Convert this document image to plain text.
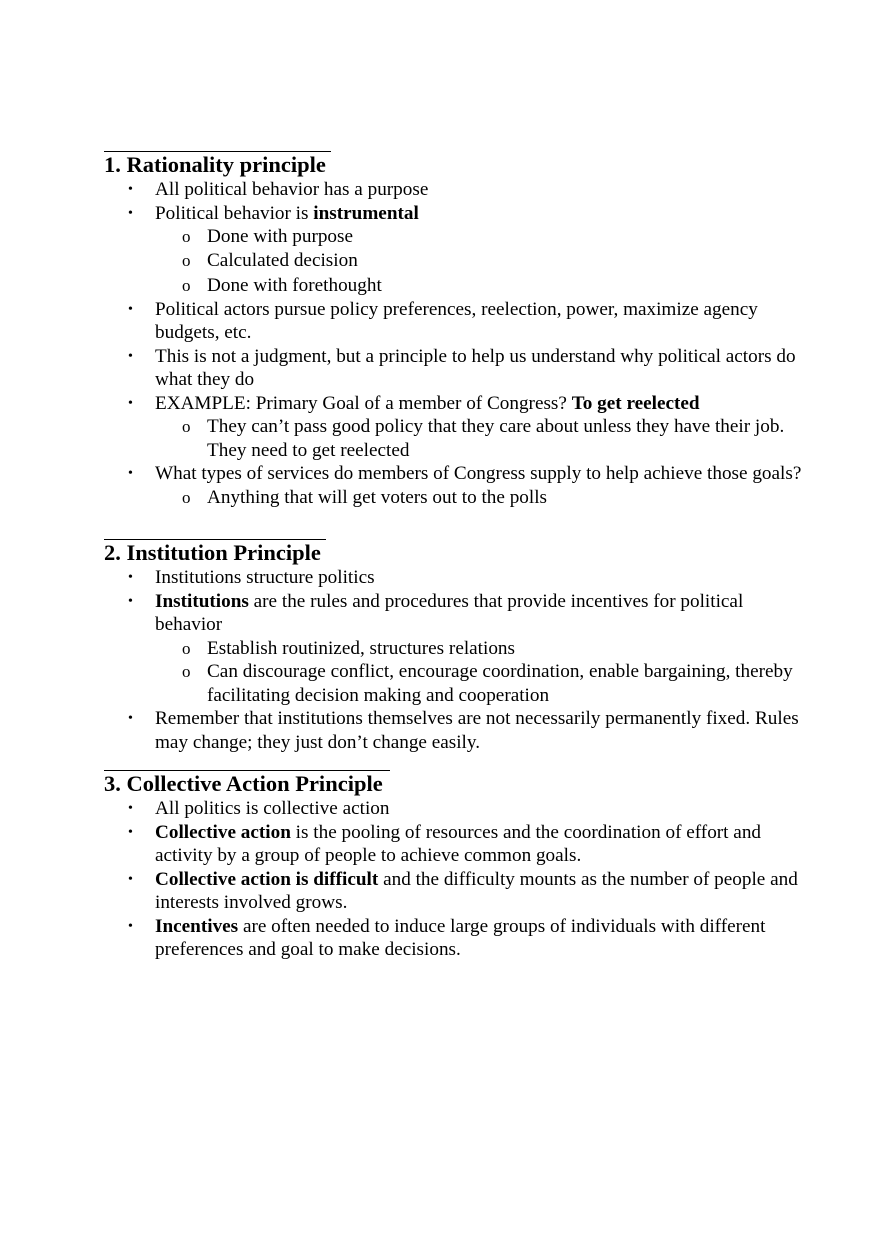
1. Rationality principle
• All political behavior has a purpose
• Political behavior is instrumental
o Done with purpose
o Calculated decision
o Done with forethought
• Political actors pursue policy preferences, reelection, power, maximize agency budgets, etc.
• This is not a judgment, but a principle to help us understand why political actors do what they do
• EXAMPLE: Primary Goal of a member of Congress? To get reelected
o They can’t pass good policy that they care about unless they have their job. They need to get reelected
• What types of services do members of Congress supply to help achieve those goals?
o Anything that will get voters out to the polls
2. Institution Principle
• Institutions structure politics
• Institutions are the rules and procedures that provide incentives for political behavior
o Establish routinized, structures relations
o Can discourage conflict, encourage coordination, enable bargaining, thereby facilitating decision making and cooperation
• Remember that institutions themselves are not necessarily permanently fixed. Rules may change; they just don’t change easily.
3. Collective Action Principle
• All politics is collective action
• Collective action is the pooling of resources and the coordination of effort and activity by a group of people to achieve common goals.
• Collective action is difficult and the difficulty mounts as the number of people and interests involved grows.
• Incentives are often needed to induce large groups of individuals with different preferences and goal to make decisions.
